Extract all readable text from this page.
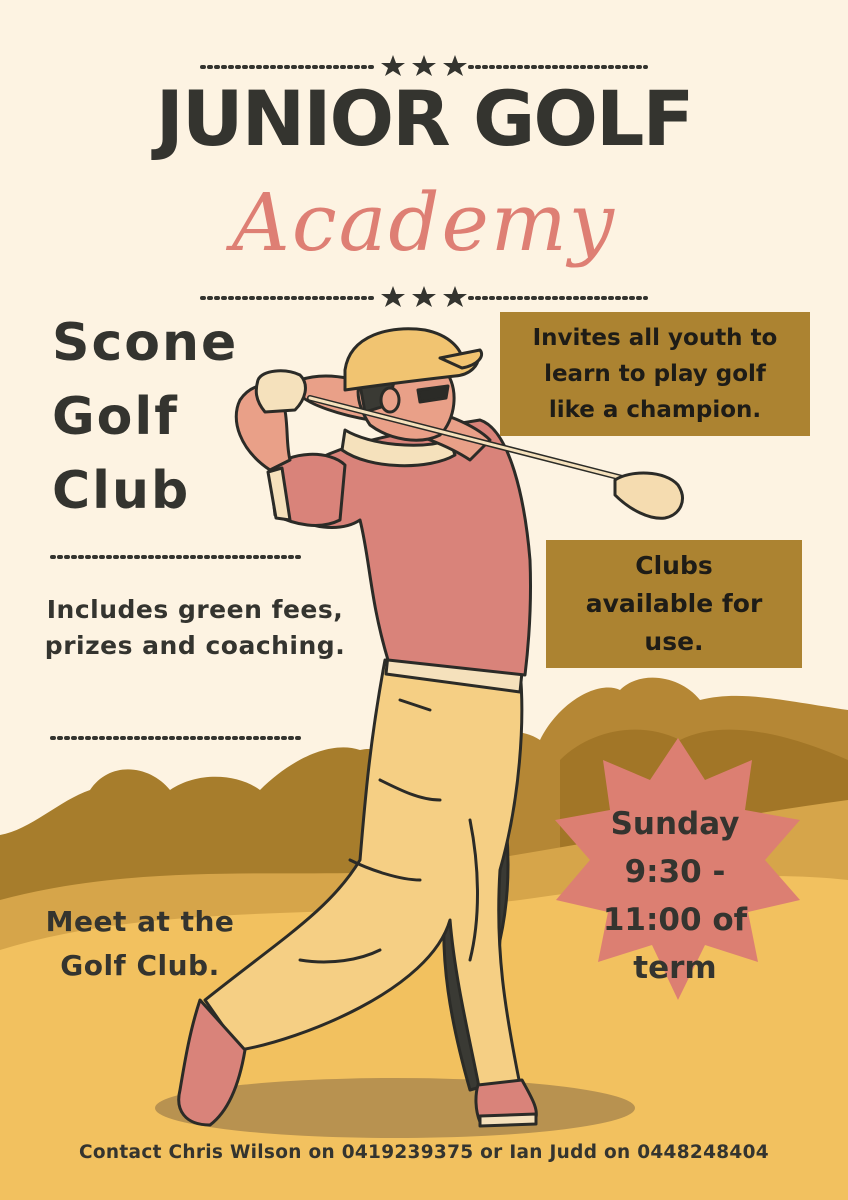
JUNIOR GOLF
Academy
Scone
Golf
Club
Includes green fees,
prizes and coaching.
Meet at the
Golf Club.
Invites all youth to
learn to play golf
like a champion.
Clubs
available for
use.
Sunday
9:30 -
11:00 of
term
Contact Chris Wilson on 0419239375 or Ian Judd on 0448248404
